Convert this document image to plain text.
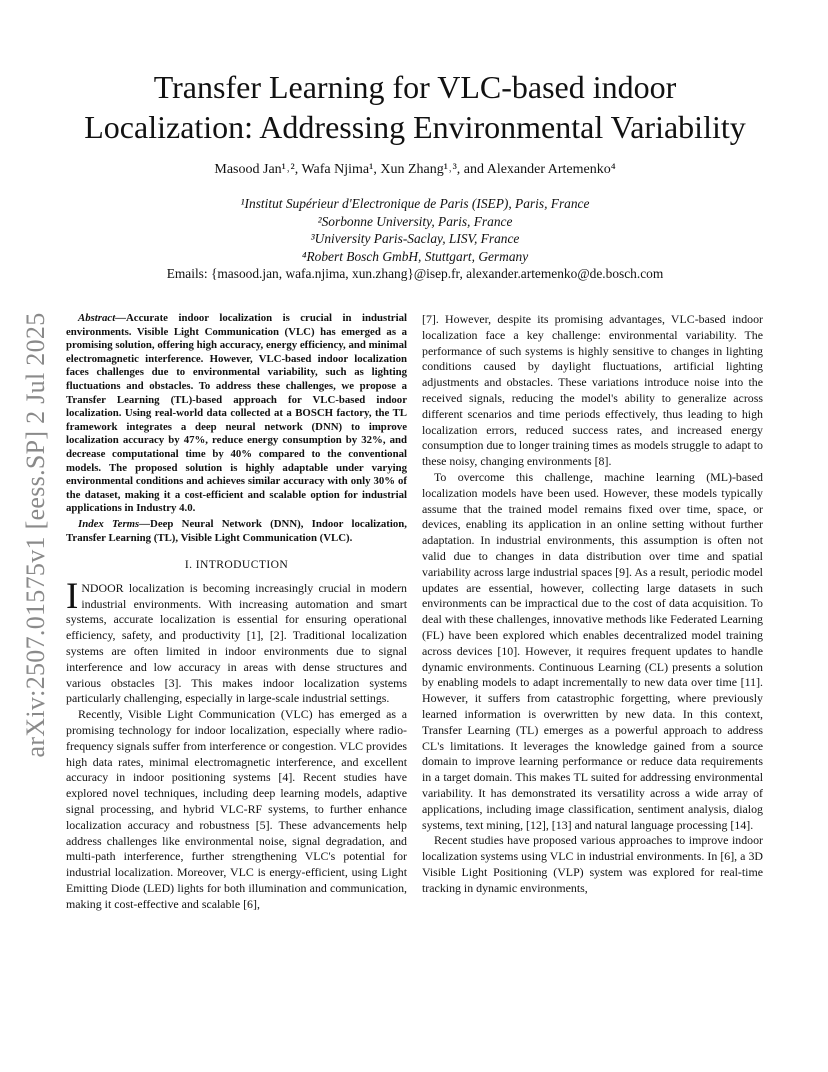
arXiv:2507.01575v1 [eess.SP] 2 Jul 2025
Transfer Learning for VLC-based indoor
Localization: Addressing Environmental Variability
Masood Jan¹˒², Wafa Njima¹, Xun Zhang¹˒³, and Alexander Artemenko⁴
¹Institut Supérieur d'Electronique de Paris (ISEP), Paris, France
²Sorbonne University, Paris, France
³University Paris-Saclay, LISV, France
⁴Robert Bosch GmbH, Stuttgart, Germany
Emails: {masood.jan, wafa.njima, xun.zhang}@isep.fr, alexander.artemenko@de.bosch.com

Abstract—Accurate indoor localization is crucial in industrial environments. Visible Light Communication (VLC) has emerged as a promising solution, offering high accuracy, energy efficiency, and minimal electromagnetic interference. However, VLC-based indoor localization faces challenges due to environmental variability, such as lighting fluctuations and obstacles. To address these challenges, we propose a Transfer Learning (TL)-based approach for VLC-based indoor localization. Using real-world data collected at a BOSCH factory, the TL framework integrates a deep neural network (DNN) to improve localization accuracy by 47%, reduce energy consumption by 32%, and decrease computational time by 40% compared to the conventional models. The proposed solution is highly adaptable under varying environmental conditions and achieves similar accuracy with only 30% of the dataset, making it a cost-efficient and scalable option for industrial applications in Industry 4.0.

Index Terms—Deep Neural Network (DNN), Indoor localization, Transfer Learning (TL), Visible Light Communication (VLC).

I. INTRODUCTION

INDOOR localization is becoming increasingly crucial in modern industrial environments. With increasing automation and smart systems, accurate localization is essential for ensuring operational efficiency, safety, and productivity [1], [2]. Traditional localization systems are often limited in indoor environments due to signal interference and low accuracy in areas with dense structures and various obstacles [3]. This makes indoor localization systems particularly challenging, especially in large-scale industrial settings.

Recently, Visible Light Communication (VLC) has emerged as a promising technology for indoor localization, especially where radio-frequency signals suffer from interference or congestion. VLC provides high data rates, minimal electromagnetic interference, and excellent accuracy in indoor positioning systems [4]. Recent studies have explored novel techniques, including deep learning models, adaptive signal processing, and hybrid VLC-RF systems, to further enhance localization accuracy and robustness [5]. These advancements help address challenges like environmental noise, signal degradation, and multi-path interference, further strengthening VLC's potential for industrial localization. Moreover, VLC is energy-efficient, using Light Emitting Diode (LED) lights for both illumination and communication, making it cost-effective and scalable [6],

[7]. However, despite its promising advantages, VLC-based indoor localization face a key challenge: environmental variability. The performance of such systems is highly sensitive to changes in lighting conditions caused by daylight fluctuations, artificial lighting adjustments and obstacles. These variations introduce noise into the received signals, reducing the model's ability to generalize across different scenarios and time periods effectively, thus leading to high localization errors, reduced success rates, and increased energy consumption due to longer training times as models struggle to adapt to these noisy, changing environments [8].

To overcome this challenge, machine learning (ML)-based localization models have been used. However, these models typically assume that the trained model remains fixed over time, space, or devices, enabling its application in an online setting without further adaptation. In industrial environments, this assumption is often not valid due to changes in data distribution over time and spatial variability across large industrial spaces [9]. As a result, periodic model updates are essential, however, collecting large datasets in such environments can be impractical due to the cost of data acquisition. To deal with these challenges, innovative methods like Federated Learning (FL) have been explored which enables decentralized model training across devices [10]. However, it requires frequent updates to handle dynamic environments. Continuous Learning (CL) presents a solution by enabling models to adapt incrementally to new data over time [11]. However, it suffers from catastrophic forgetting, where previously learned information is overwritten by new data. In this context, Transfer Learning (TL) emerges as a powerful approach to address CL's limitations. It leverages the knowledge gained from a source domain to improve learning performance or reduce data requirements in a target domain. This makes TL suited for addressing environmental variability. It has demonstrated its versatility across a wide array of applications, including image classification, sentiment analysis, dialog systems, text mining, [12], [13] and natural language processing [14].

Recent studies have proposed various approaches to improve indoor localization systems using VLC in industrial environments. In [6], a 3D Visible Light Positioning (VLP) system was explored for real-time tracking in dynamic environments,
